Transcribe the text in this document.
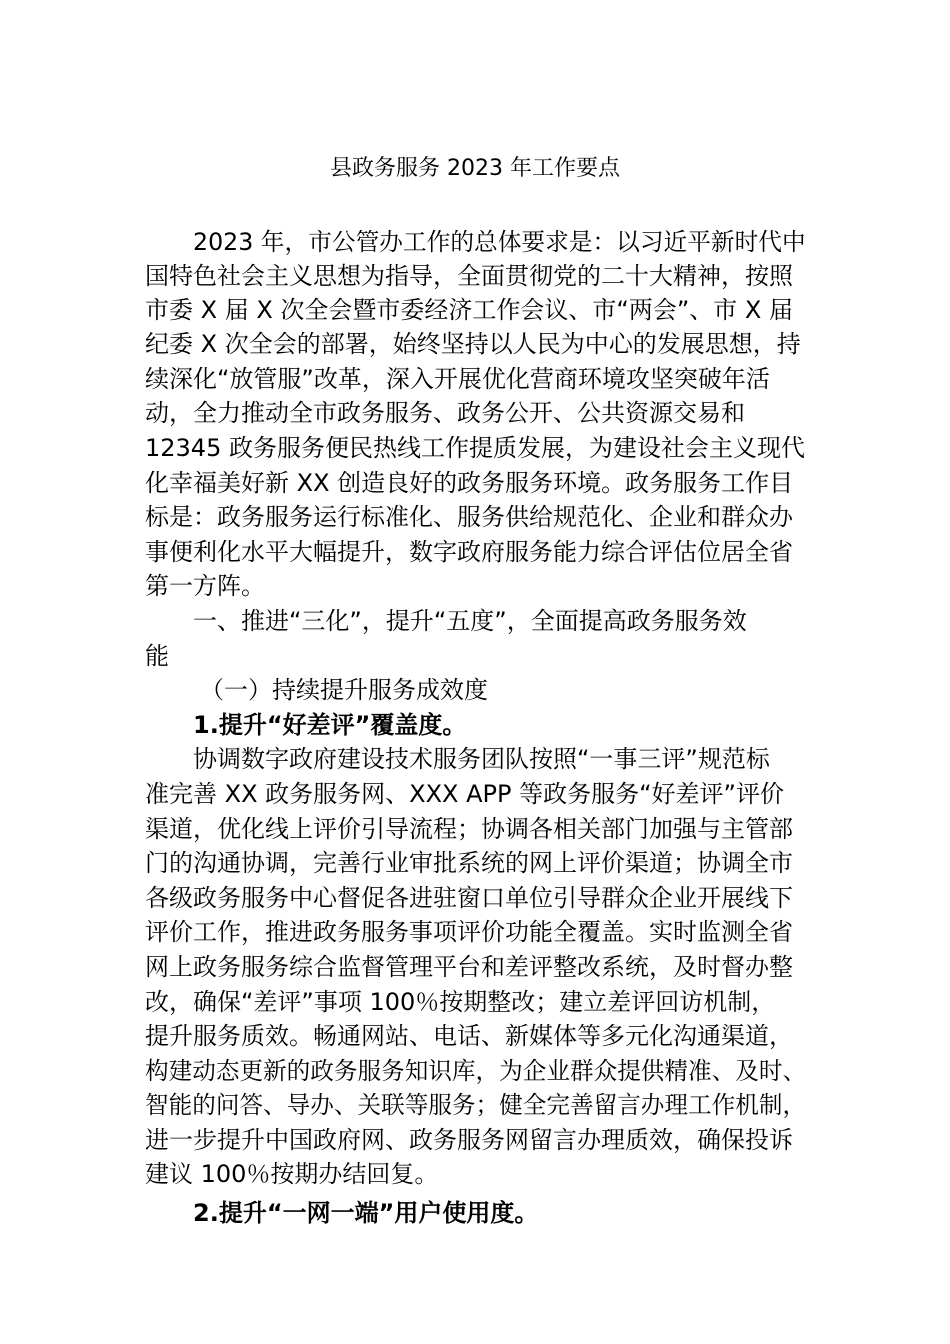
县政务服务 2023 年工作要点
2023 年，市公管办工作的总体要求是：以习近平新时代中
国特色社会主义思想为指导，全面贯彻党的二十大精神，按照
市委 X 届 X 次全会暨市委经济工作会议、市“两会”、市 X 届
纪委 X 次全会的部署，始终坚持以人民为中心的发展思想，持
续深化“放管服”改革，深入开展优化营商环境攻坚突破年活
动，全力推动全市政务服务、政务公开、公共资源交易和
12345 政务服务便民热线工作提质发展，为建设社会主义现代
化幸福美好新 XX 创造良好的政务服务环境。政务服务工作目
标是：政务服务运行标准化、服务供给规范化、企业和群众办
事便利化水平大幅提升，数字政府服务能力综合评估位居全省
第一方阵。
一、推进“三化”，提升“五度”，全面提高政务服务效
能
（一）持续提升服务成效度
1.提升“好差评”覆盖度。
协调数字政府建设技术服务团队按照“一事三评”规范标
准完善 XX 政务服务网、XXX APP 等政务服务“好差评”评价
渠道，优化线上评价引导流程；协调各相关部门加强与主管部
门的沟通协调，完善行业审批系统的网上评价渠道；协调全市
各级政务服务中心督促各进驻窗口单位引导群众企业开展线下
评价工作，推进政务服务事项评价功能全覆盖。实时监测全省
网上政务服务综合监督管理平台和差评整改系统，及时督办整
改，确保“差评”事项 100％按期整改；建立差评回访机制，
提升服务质效。畅通网站、电话、新媒体等多元化沟通渠道，
构建动态更新的政务服务知识库，为企业群众提供精准、及时、
智能的问答、导办、关联等服务；健全完善留言办理工作机制，
进一步提升中国政府网、政务服务网留言办理质效，确保投诉
建议 100％按期办结回复。
2.提升“一网一端”用户使用度。
